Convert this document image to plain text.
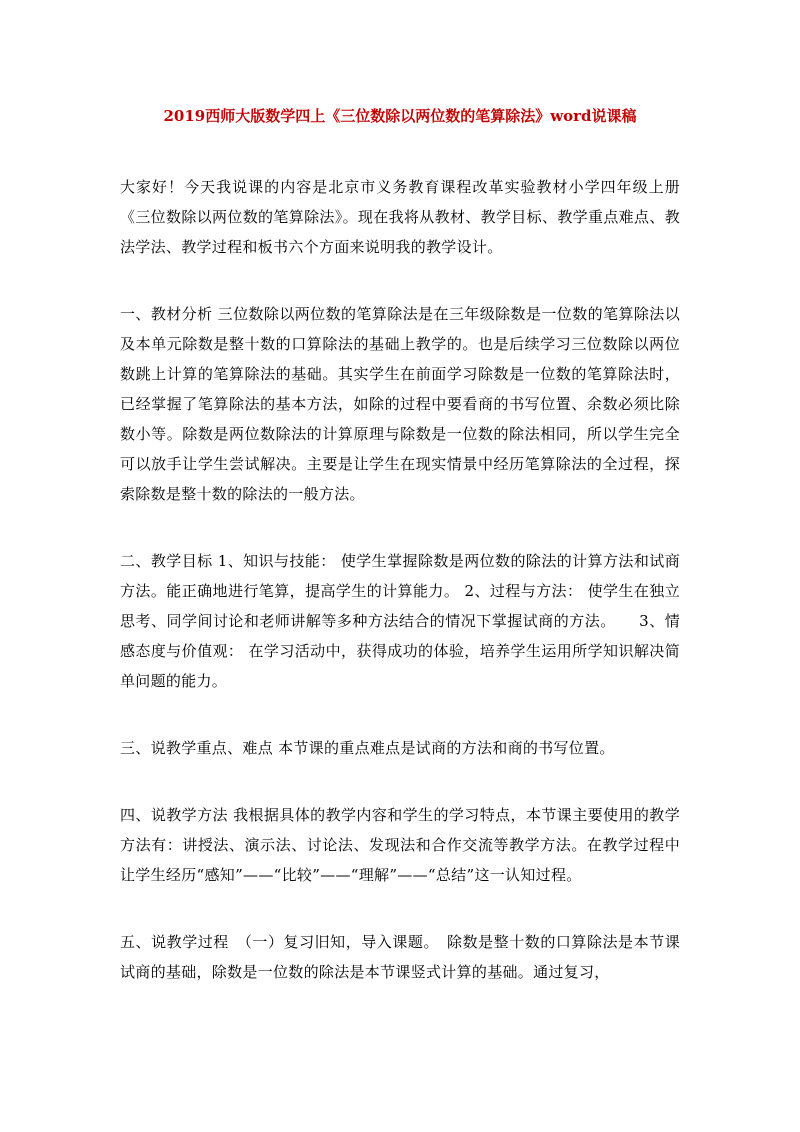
2019西师大版数学四上《三位数除以两位数的笔算除法》word说课稿

大家好！今天我说课的内容是北京市义务教育课程改革实验教材小学四年级上册《三位数除以两位数的笔算除法》。现在我将从教材、教学目标、教学重点难点、教法学法、教学过程和板书六个方面来说明我的教学设计。

一、教材分析 三位数除以两位数的笔算除法是在三年级除数是一位数的笔算除法以及本单元除数是整十数的口算除法的基础上教学的。也是后续学习三位数除以两位数跳上计算的笔算除法的基础。其实学生在前面学习除数是一位数的笔算除法时，已经掌握了笔算除法的基本方法，如除的过程中要看商的书写位置、余数必须比除数小等。除数是两位数除法的计算原理与除数是一位数的除法相同，所以学生完全可以放手让学生尝试解决。主要是让学生在现实情景中经历笔算除法的全过程，探索除数是整十数的除法的一般方法。

二、教学目标 1、知识与技能： 使学生掌握除数是两位数的除法的计算方法和试商方法。能正确地进行笔算，提高学生的计算能力。 2、过程与方法： 使学生在独立思考、同学间讨论和老师讲解等多种方法结合的情况下掌握试商的方法。　　3、情感态度与价值观： 在学习活动中，获得成功的体验，培养学生运用所学知识解决简单问题的能力。

三、说教学重点、难点 本节课的重点难点是试商的方法和商的书写位置。

四、说教学方法 我根据具体的教学内容和学生的学习特点，本节课主要使用的教学方法有：讲授法、演示法、讨论法、发现法和合作交流等教学方法。在教学过程中让学生经历“感知”——“比较”——“理解”——“总结”这一认知过程。

五、说教学过程　（一）复习旧知，导入课题。　除数是整十数的口算除法是本节课试商的基础，除数是一位数的除法是本节课竖式计算的基础。通过复习，
